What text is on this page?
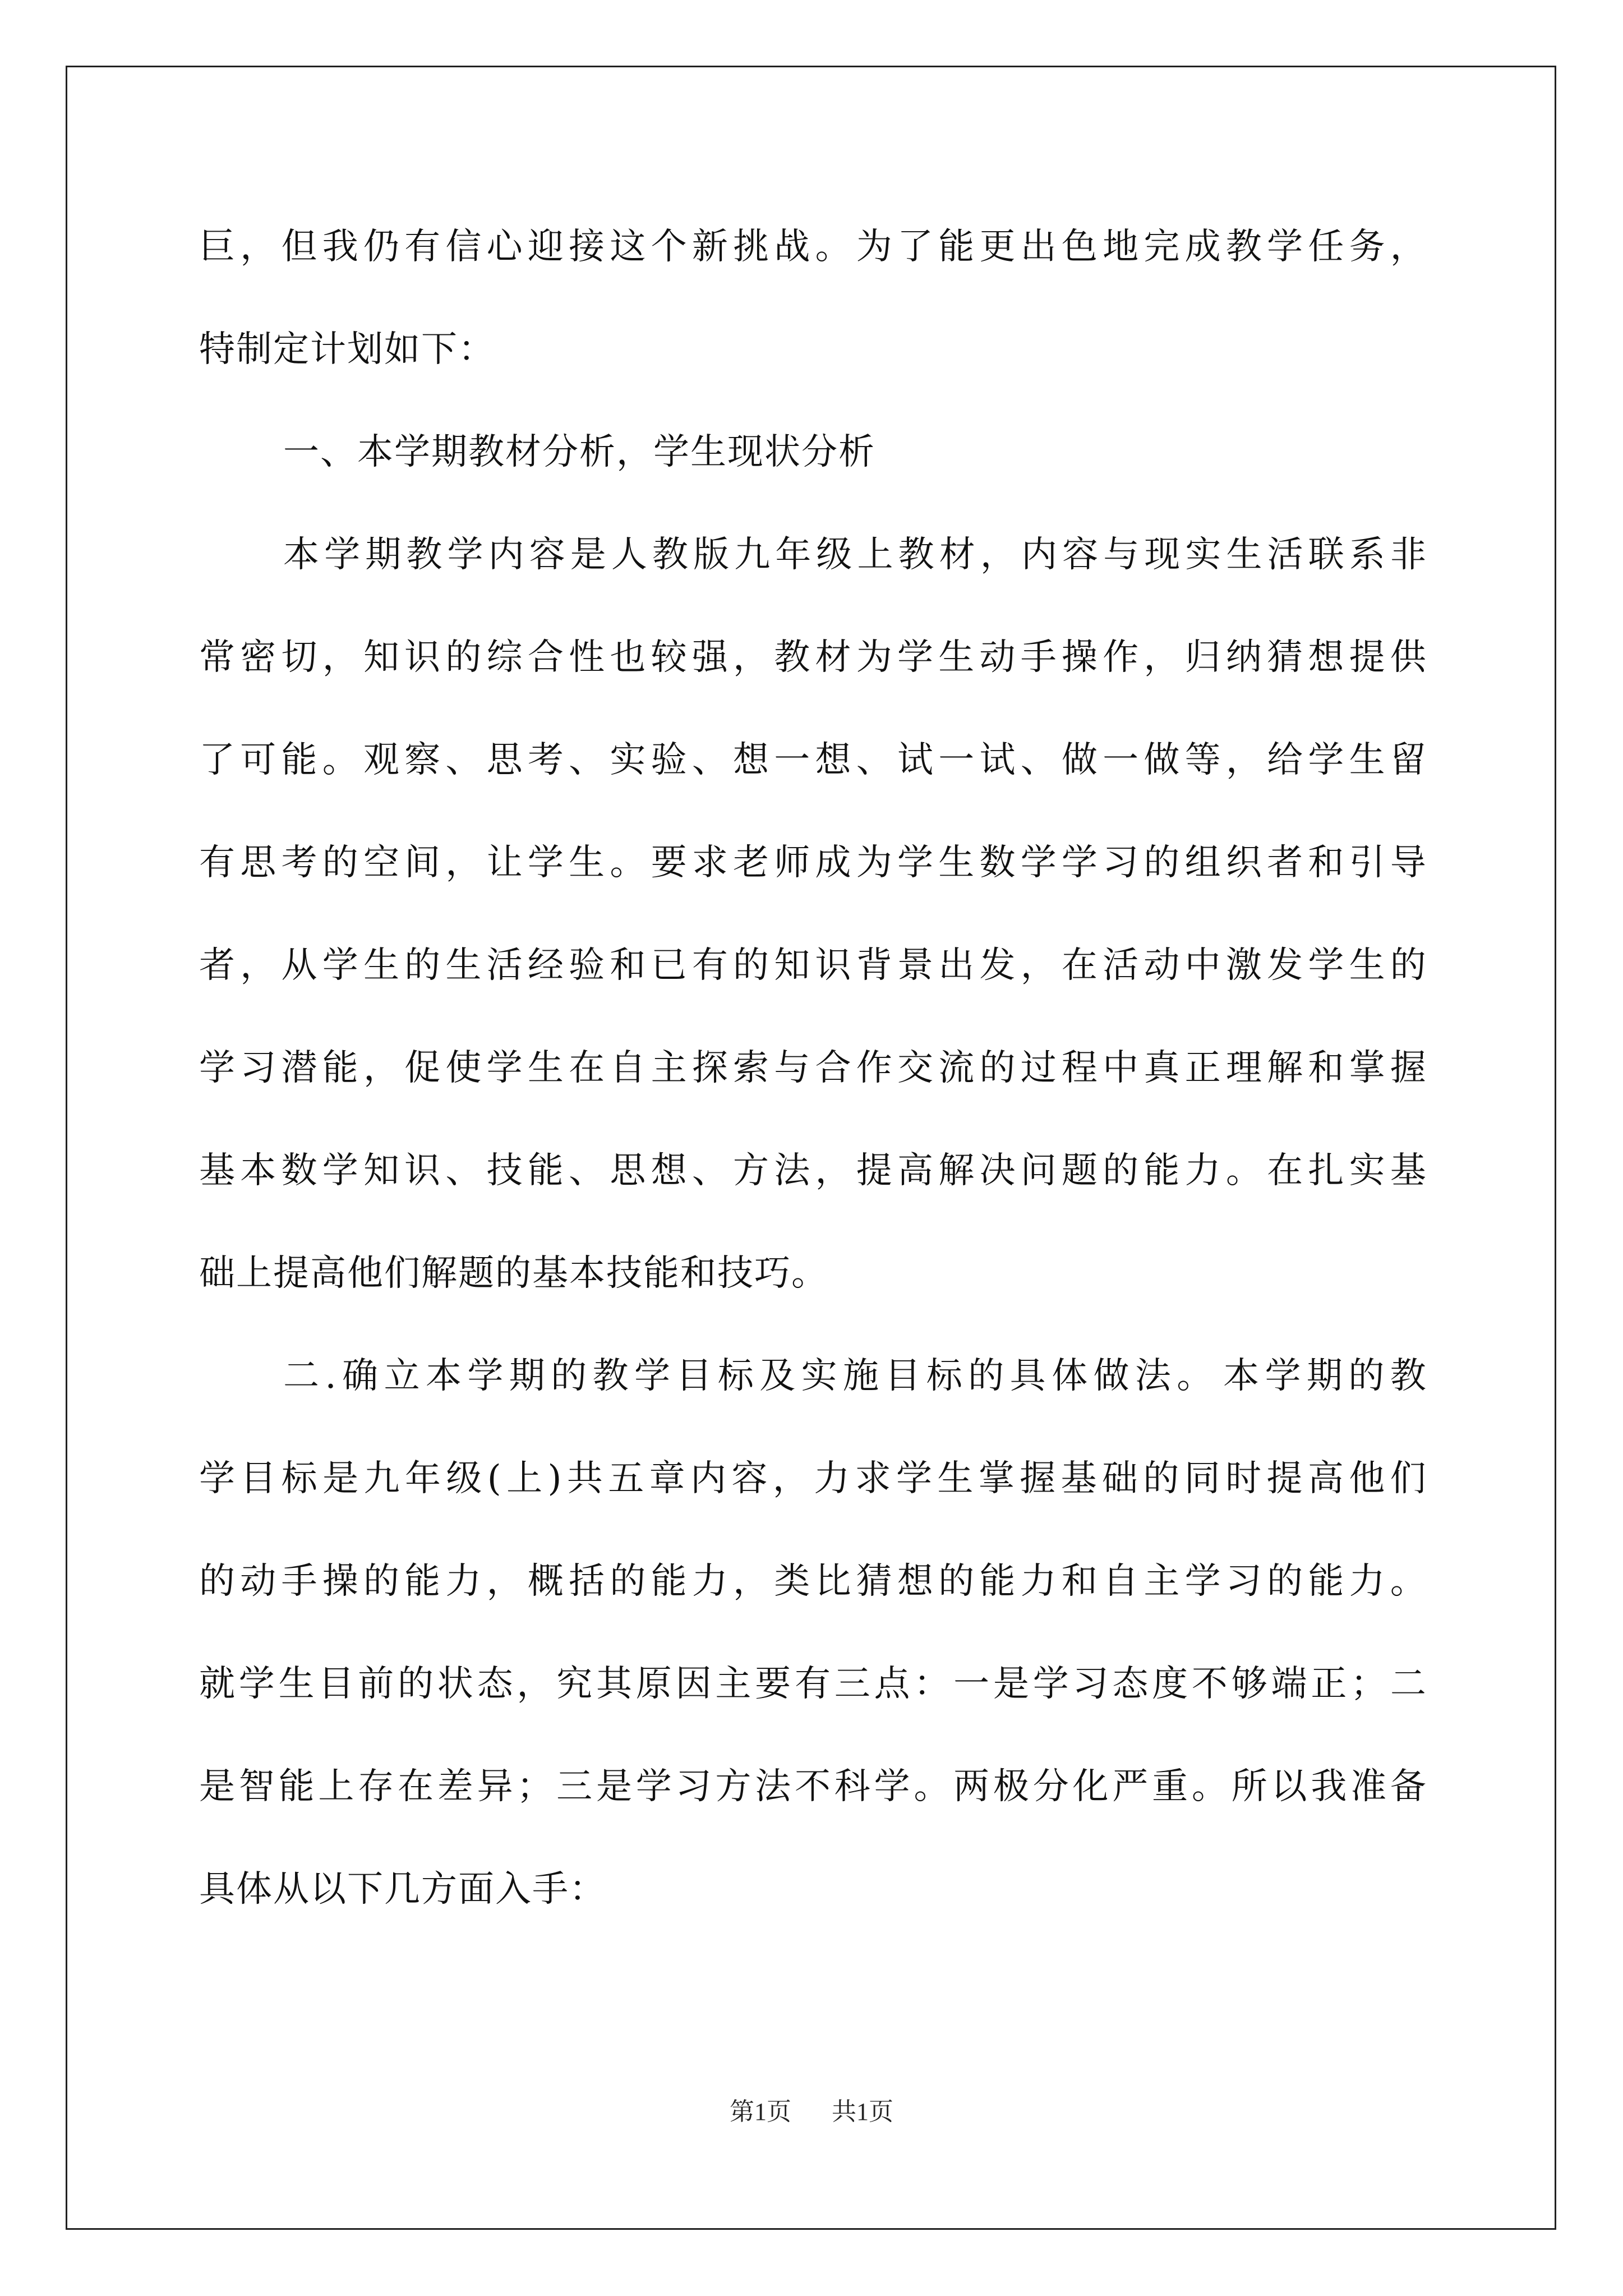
巨 ， 但 我 仍 有 信 心 迎 接 这 个 新 挑 战 。 为 了 能 更 出 色 地 完 成 教 学 任 务 ，
特制定计划如下：
一、本学期教材分析，学生现状分析
本 学 期 教 学 内 容 是 人 教 版 九 年 级 上 教 材 ， 内 容 与 现 实 生 活 联 系 非
常 密 切 ， 知 识 的 综 合 性 也 较 强 ， 教 材 为 学 生 动 手 操 作 ， 归 纳 猜 想 提 供
了 可 能 。 观 察 、 思 考 、 实 验 、 想 一 想 、 试 一 试 、 做 一 做 等 ， 给 学 生 留
有 思 考 的 空 间 ， 让 学 生 。 要 求 老 师 成 为 学 生 数 学 学 习 的 组 织 者 和 引 导
者 ， 从 学 生 的 生 活 经 验 和 已 有 的 知 识 背 景 出 发 ， 在 活 动 中 激 发 学 生 的
学 习 潜 能 ， 促 使 学 生 在 自 主 探 索 与 合 作 交 流 的 过 程 中 真 正 理 解 和 掌 握
基 本 数 学 知 识 、 技 能 、 思 想 、 方 法 ， 提 高 解 决 问 题 的 能 力 。 在 扎 实 基
础上提高他们解题的基本技能和技巧。
二 . 确 立 本 学 期 的 教 学 目 标 及 实 施 目 标 的 具 体 做 法 。 本 学 期 的 教
学 目 标 是 九 年 级 ( 上 ) 共 五 章 内 容 ， 力 求 学 生 掌 握 基 础 的 同 时 提 高 他 们
的 动 手 操 的 能 力 ， 概 括 的 能 力 ， 类 比 猜 想 的 能 力 和 自 主 学 习 的 能 力 。
就 学 生 目 前 的 状 态 ， 究 其 原 因 主 要 有 三 点 ： 一 是 学 习 态 度 不 够 端 正 ； 二
是 智 能 上 存 在 差 异 ； 三 是 学 习 方 法 不 科 学 。 两 极 分 化 严 重 。 所 以 我 准 备
具体从以下几方面入手：
第1页 共1页
